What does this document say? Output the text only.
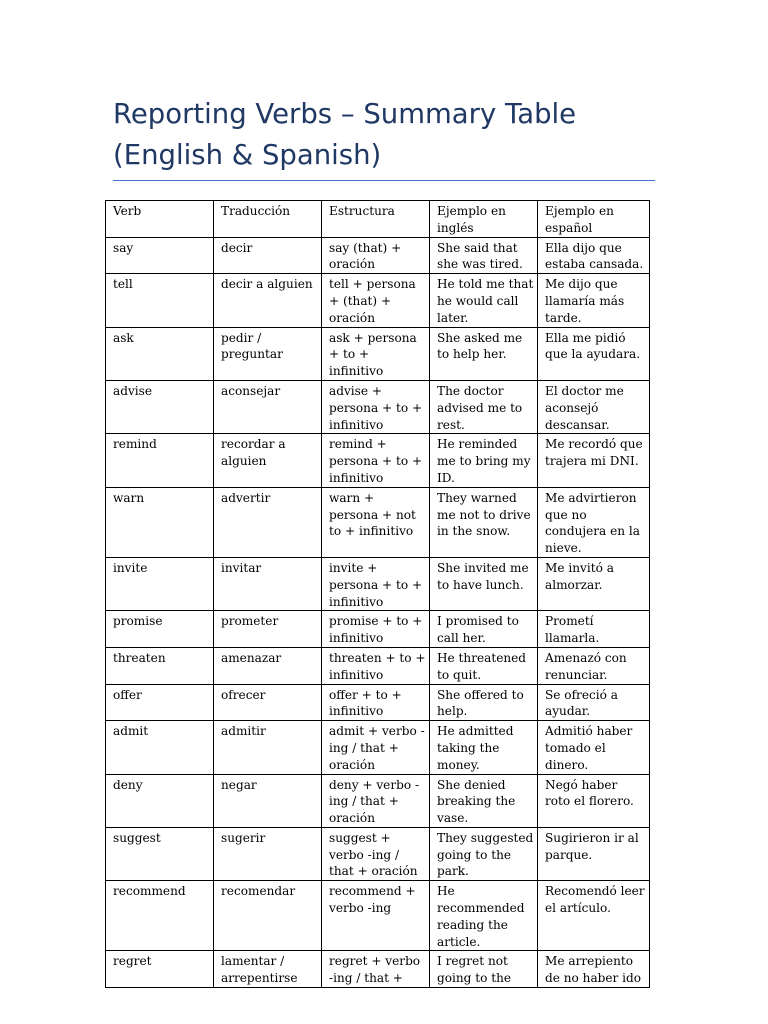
Reporting Verbs – Summary Table (English & Spanish)
Verb	Traducción	Estructura	Ejemplo en inglés	Ejemplo en español
say	decir	say (that) + oración	She said that she was tired.	Ella dijo que estaba cansada.
tell	decir a alguien	tell + persona + (that) + oración	He told me that he would call later.	Me dijo que llamaría más tarde.
ask	pedir / preguntar	ask + persona + to + infinitivo	She asked me to help her.	Ella me pidió que la ayudara.
advise	aconsejar	advise + persona + to + infinitivo	The doctor advised me to rest.	El doctor me aconsejó descansar.
remind	recordar a alguien	remind + persona + to + infinitivo	He reminded me to bring my ID.	Me recordó que trajera mi DNI.
warn	advertir	warn + persona + not to + infinitivo	They warned me not to drive in the snow.	Me advirtieron que no condujera en la nieve.
invite	invitar	invite + persona + to + infinitivo	She invited me to have lunch.	Me invitó a almorzar.
promise	prometer	promise + to + infinitivo	I promised to call her.	Prometí llamarla.
threaten	amenazar	threaten + to + infinitivo	He threatened to quit.	Amenazó con renunciar.
offer	ofrecer	offer + to + infinitivo	She offered to help.	Se ofreció a ayudar.
admit	admitir	admit + verbo -ing / that + oración	He admitted taking the money.	Admitió haber tomado el dinero.
deny	negar	deny + verbo -ing / that + oración	She denied breaking the vase.	Negó haber roto el florero.
suggest	sugerir	suggest + verbo -ing / that + oración	They suggested going to the park.	Sugirieron ir al parque.
recommend	recomendar	recommend + verbo -ing	He recommended reading the article.	Recomendó leer el artículo.
regret	lamentar / arrepentirse	regret + verbo -ing / that +	I regret not going to the	Me arrepiento de no haber ido
